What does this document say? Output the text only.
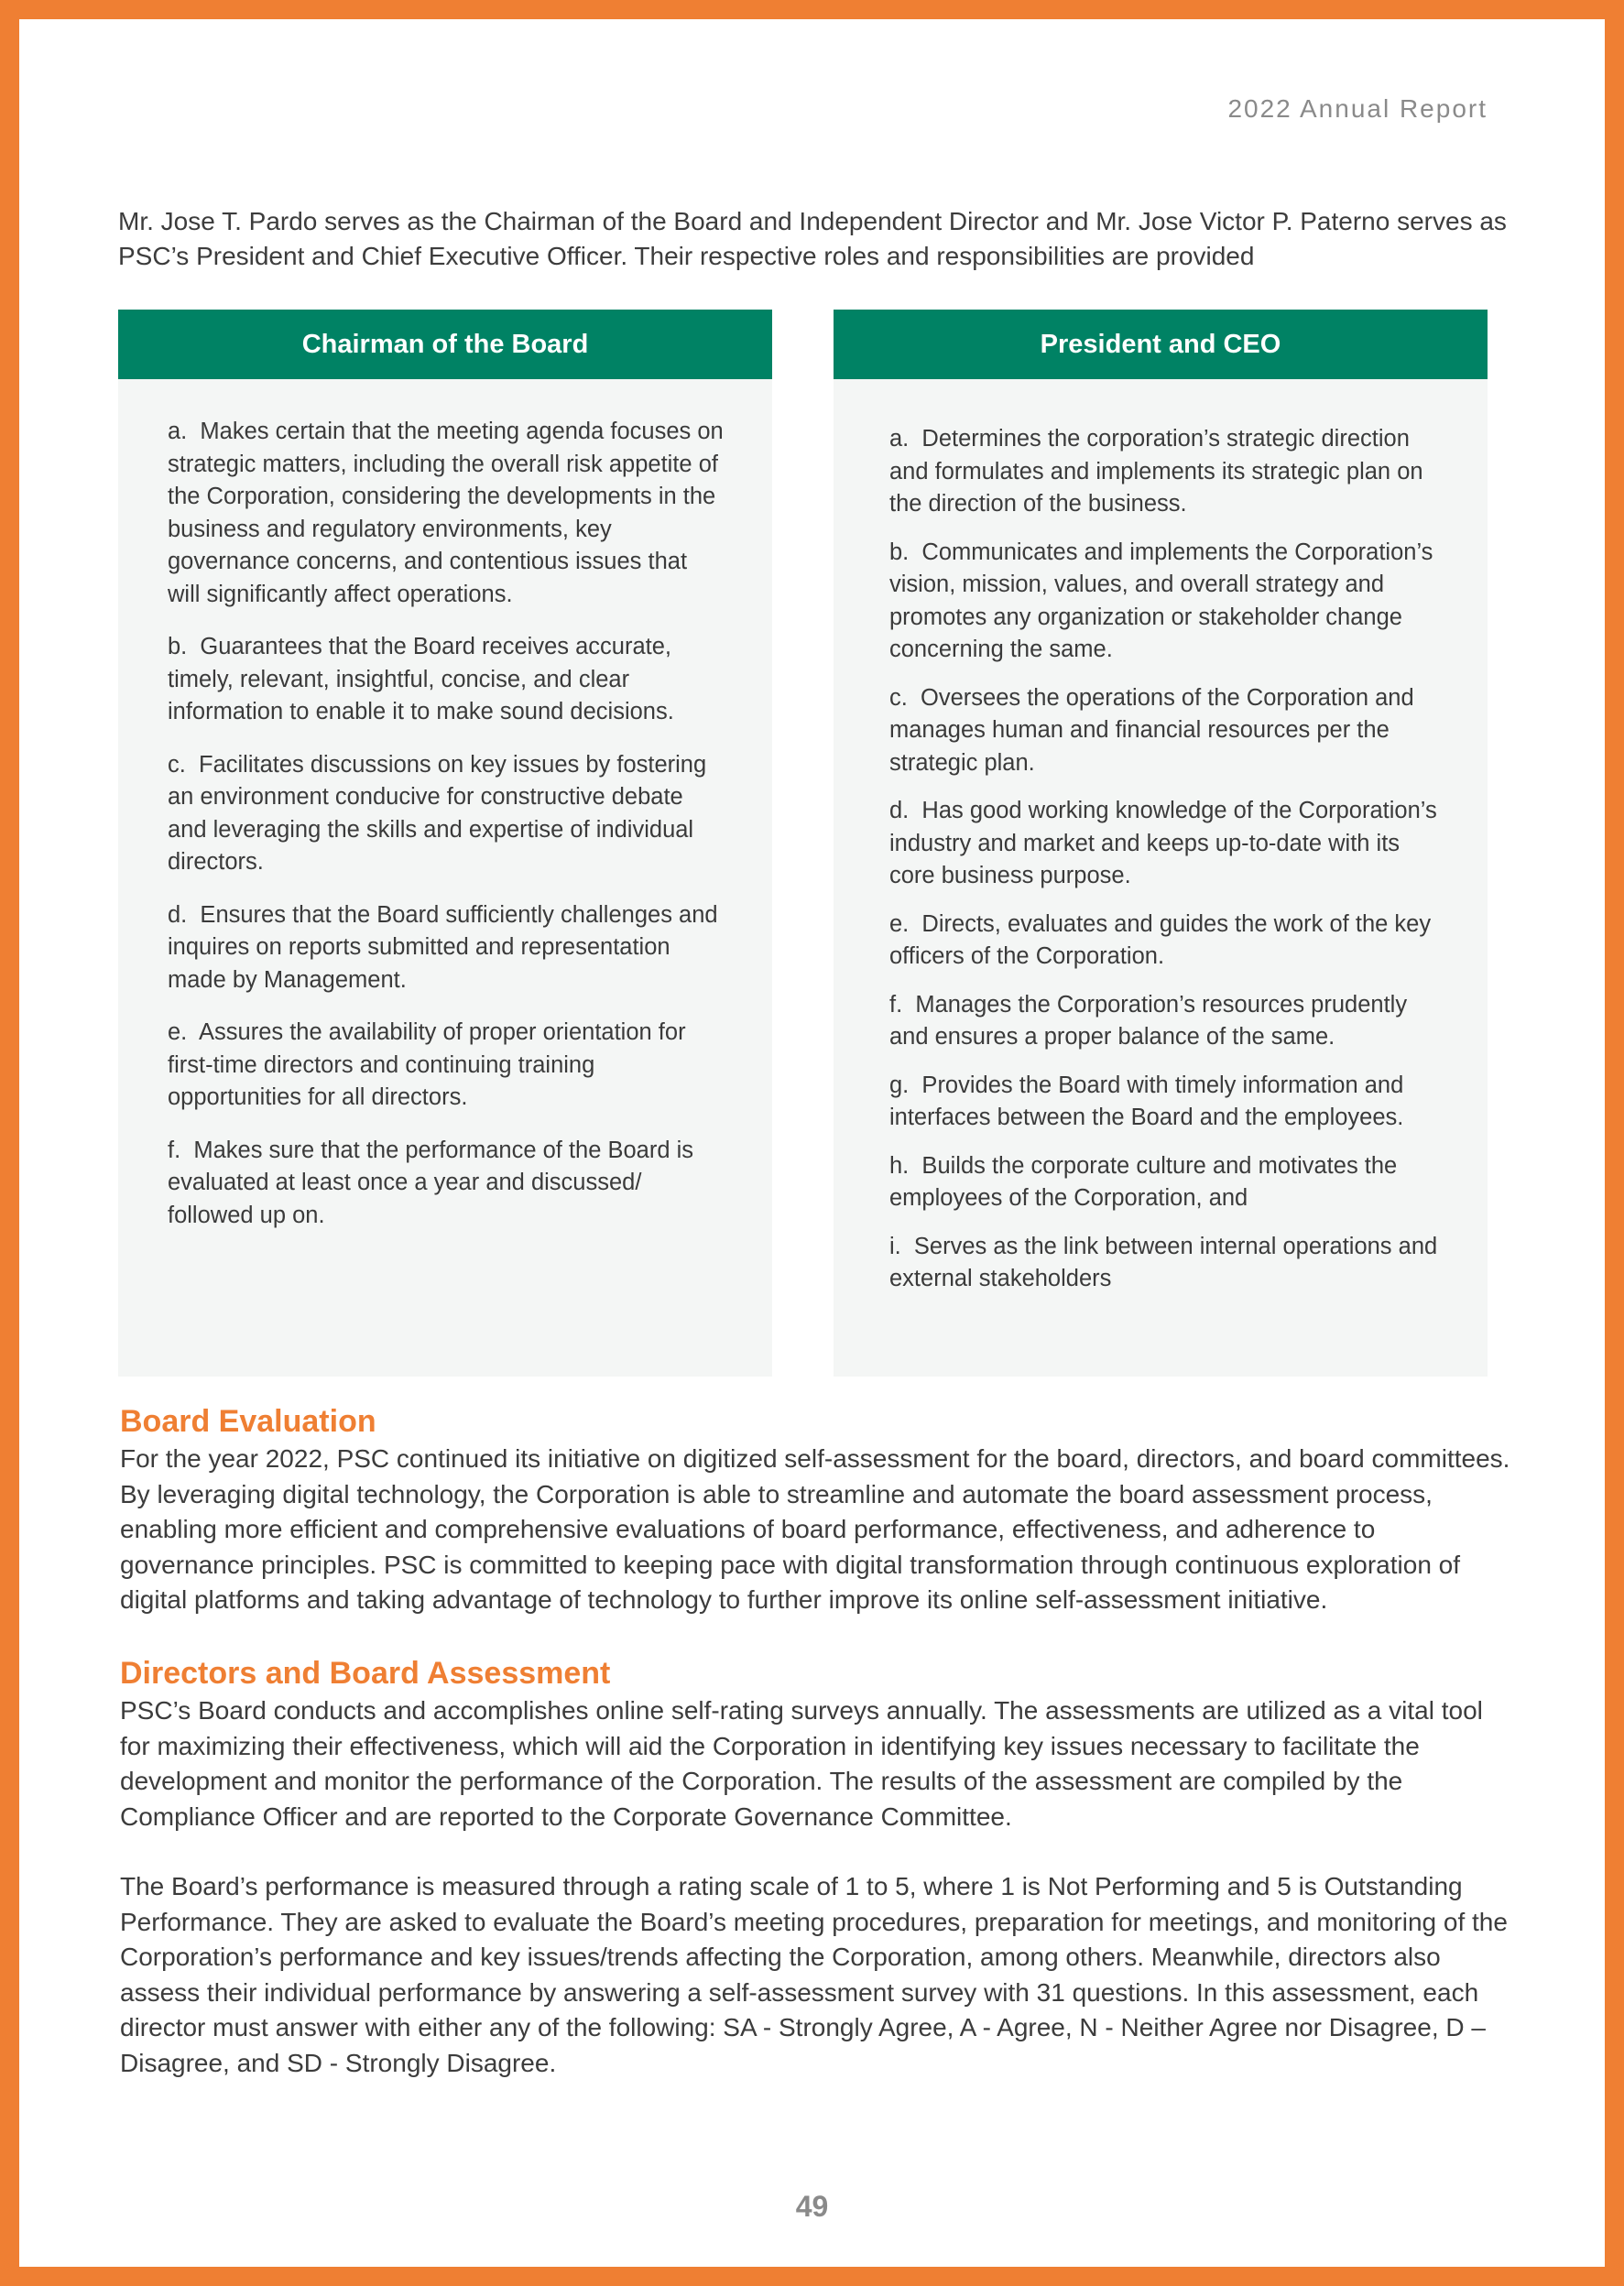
2022 Annual Report
Mr. Jose T. Pardo serves as the Chairman of the Board and Independent Director and Mr. Jose Victor P. Paterno serves as PSC’s President and Chief Executive Officer. Their respective roles and responsibilities are provided
Chairman of the Board
a.  Makes certain that the meeting agenda focuses on strategic matters, including the overall risk appetite of the Corporation, considering the developments in the business and regulatory environments, key governance concerns, and contentious issues that will significantly affect operations.
b.  Guarantees that the Board receives accurate, timely, relevant, insightful, concise, and clear information to enable it to make sound decisions.
c.  Facilitates discussions on key issues by fostering an environment conducive for constructive debate and leveraging the skills and expertise of individual directors.
d.  Ensures that the Board sufficiently challenges and inquires on reports submitted and representation made by Management.
e.  Assures the availability of proper orientation for first-time directors and continuing training opportunities for all directors.
f.  Makes sure that the performance of the Board is evaluated at least once a year and discussed/ followed up on.
President and CEO
a.  Determines the corporation’s strategic direction and formulates and implements its strategic plan on the direction of the business.
b.  Communicates and implements the Corporation’s vision, mission, values, and overall strategy and promotes any organization or stakeholder change concerning the same.
c.  Oversees the operations of the Corporation and manages human and financial resources per the strategic plan.
d.  Has good working knowledge of the Corporation’s industry and market and keeps up-to-date with its core business purpose.
e.  Directs, evaluates and guides the work of the key officers of the Corporation.
f.  Manages the Corporation’s resources prudently and ensures a proper balance of the same.
g.  Provides the Board with timely information and interfaces between the Board and the employees.
h.  Builds the corporate culture and motivates the employees of the Corporation, and
i.  Serves as the link between internal operations and external stakeholders
Board Evaluation

For the year 2022, PSC continued its initiative on digitized self-assessment for the board, directors, and board committees. By leveraging digital technology, the Corporation is able to streamline and automate the board assessment process, enabling more efficient and comprehensive evaluations of board performance, effectiveness, and adherence to governance principles. PSC is committed to keeping pace with digital transformation through continuous exploration of digital platforms and taking advantage of technology to further improve its online self-assessment initiative.

Directors and Board Assessment

PSC’s Board conducts and accomplishes online self-rating surveys annually. The assessments are utilized as a vital tool for maximizing their effectiveness, which will aid the Corporation in identifying key issues necessary to facilitate the development and monitor the performance of the Corporation. The results of the assessment are compiled by the Compliance Officer and are reported to the Corporate Governance Committee.

The Board’s performance is measured through a rating scale of 1 to 5, where 1 is Not Performing and 5 is Outstanding Performance. They are asked to evaluate the Board’s meeting procedures, preparation for meetings, and monitoring of the Corporation’s performance and key issues/trends affecting the Corporation, among others. Meanwhile, directors also assess their individual performance by answering a self-assessment survey with 31 questions. In this assessment, each director must answer with either any of the following: SA - Strongly Agree, A - Agree, N - Neither Agree nor Disagree, D – Disagree, and SD - Strongly Disagree.

49
